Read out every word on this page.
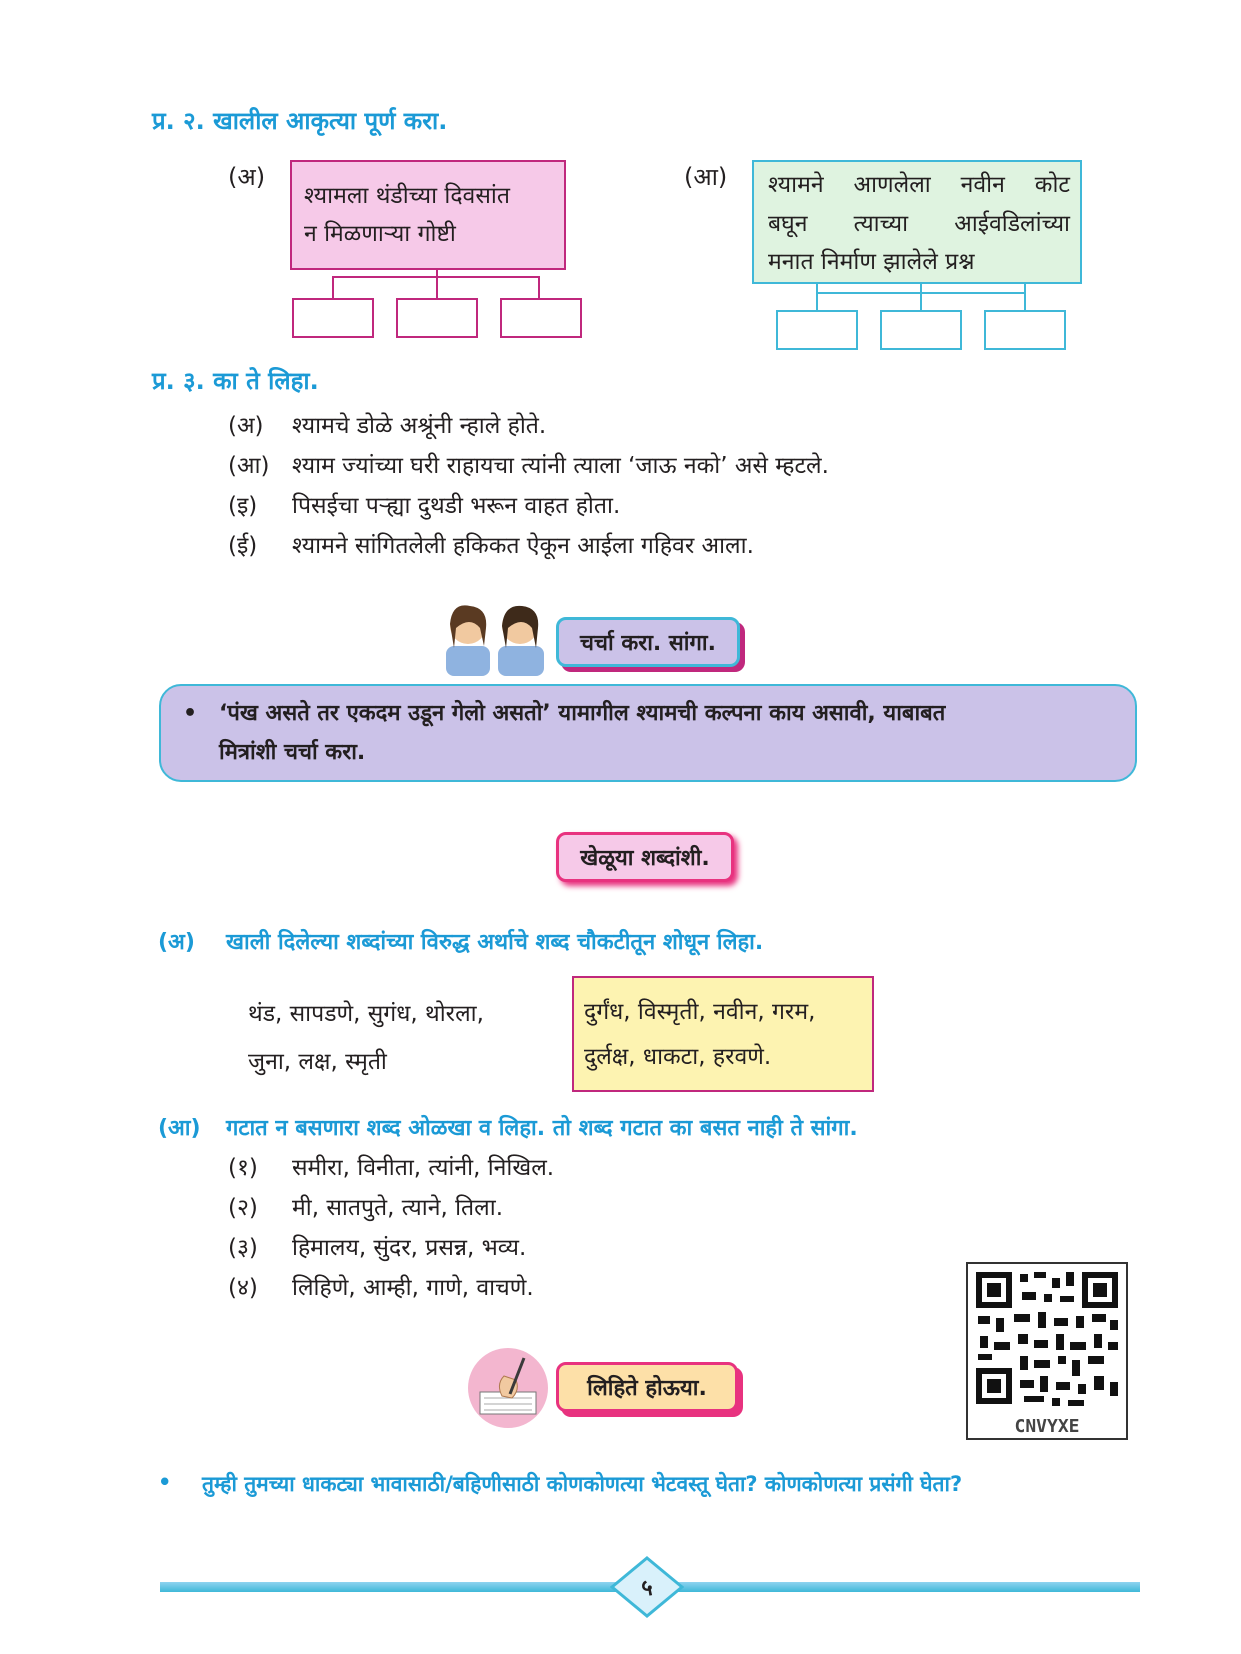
प्र. २. खालील आकृत्या पूर्ण करा.
(अ)
श्यामला थंडीच्या दिवसांत
न मिळणाऱ्या गोष्टी
(आ) श्यामने आणलेला नवीन कोट
बघून त्याच्या आईवडिलांच्या
मनात निर्माण झालेले प्रश्न
प्र. ३. का ते लिहा.
(अ)	श्यामचे डोळे अश्रूंनी न्हाले होते.
(आ) श्याम ज्यांच्या घरी राहायचा त्यांनी त्याला ‘जाऊ नको’ असे म्हटले.
(इ)	पिसईचा पऱ्ह्या दुथडी भरून वाहत होता.
(ई)	श्यामने सांगितलेली हकिकत ऐकून आईला गहिवर आला.
चर्चा करा. सांगा.
• ‘पंख असते तर एकदम उडून गेलो असतो’ यामागील श्यामची कल्पना काय असावी, याबाबत
मित्रांशी चर्चा करा.
खेळूया शब्दांशी.
(अ)	खाली दिलेल्या शब्दांच्या विरुद्ध अर्थाचे शब्द चौकटीतून शोधून लिहा.
थंड, सापडणे, सुगंध, थोरला,
जुना, लक्ष, स्मृती
दुर्गंध, विस्मृती, नवीन, गरम,
दुर्लक्ष, धाकटा, हरवणे.
(आ)	गटात न बसणारा शब्द ओळखा व लिहा. तो शब्द गटात का बसत नाही ते सांगा.
(१)	समीरा, विनीता, त्यांनी, निखिल.
(२)	मी, सातपुते, त्याने, तिला.
(३)	हिमालय, सुंदर, प्रसन्न, भव्य.
(४)	लिहिणे, आम्ही, गाणे, वाचणे.
CNVYXE
लिहिते होऊया.
•	तुम्ही तुमच्या धाकट्या भावासाठी/बहिणीसाठी कोणकोणत्या भेटवस्तू घेता? कोणकोणत्या प्रसंगी घेता?
५
